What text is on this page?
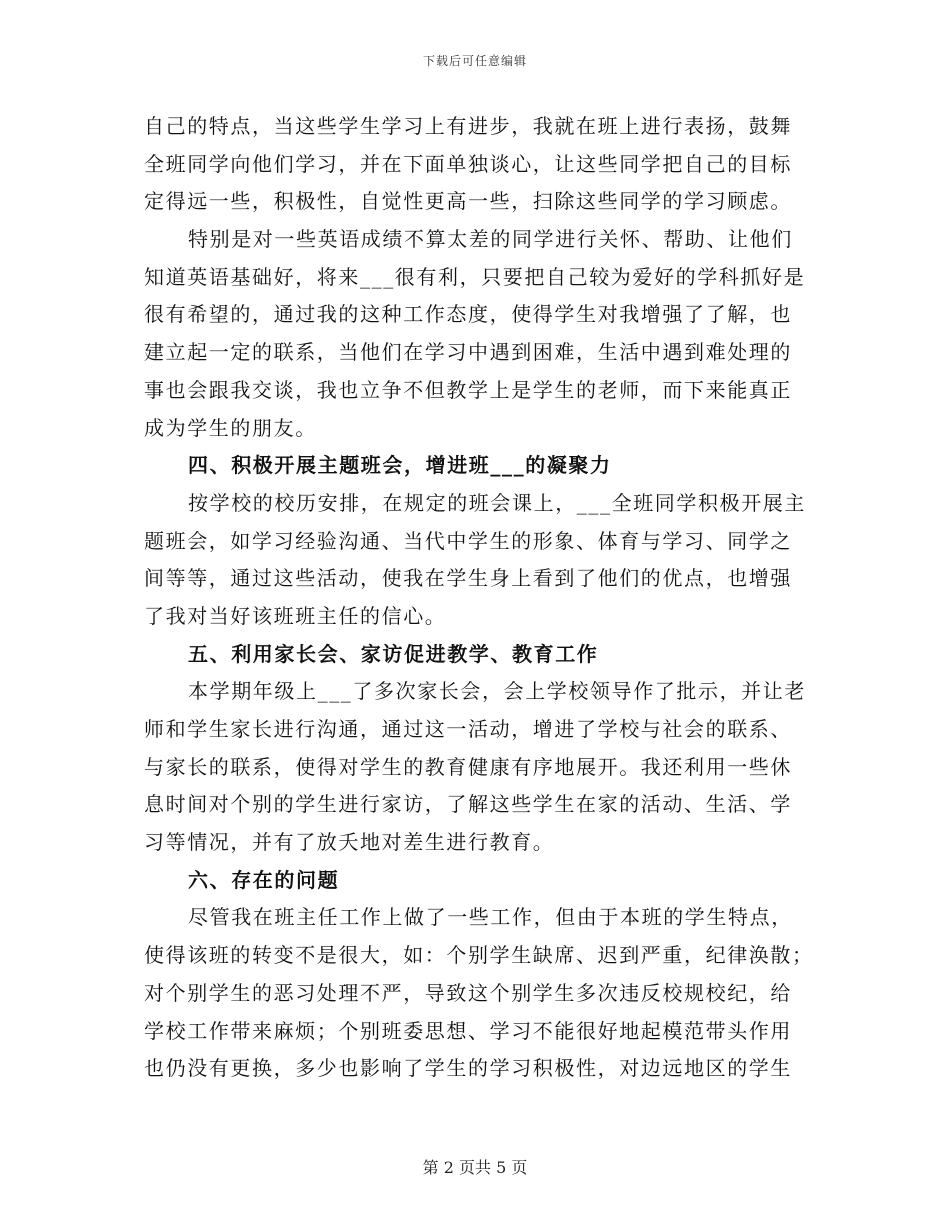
下载后可任意编辑
自己的特点，当这些学生学习上有进步，我就在班上进行表扬，鼓舞
全班同学向他们学习，并在下面单独谈心，让这些同学把自己的目标
定得远一些，积极性，自觉性更高一些，扫除这些同学的学习顾虑。
特别是对一些英语成绩不算太差的同学进行关怀、帮助、让他们
知道英语基础好，将来___很有利，只要把自己较为爱好的学科抓好是
很有希望的，通过我的这种工作态度，使得学生对我增强了了解，也
建立起一定的联系，当他们在学习中遇到困难，生活中遇到难处理的
事也会跟我交谈，我也立争不但教学上是学生的老师，而下来能真正
成为学生的朋友。
四、积极开展主题班会，增进班___的凝聚力
按学校的校历安排，在规定的班会课上，___全班同学积极开展主
题班会，如学习经验沟通、当代中学生的形象、体育与学习、同学之
间等等，通过这些活动，使我在学生身上看到了他们的优点，也增强
了我对当好该班班主任的信心。
五、利用家长会、家访促进教学、教育工作
本学期年级上___了多次家长会，会上学校领导作了批示，并让老
师和学生家长进行沟通，通过这一活动，增进了学校与社会的联系、
与家长的联系，使得对学生的教育健康有序地展开。我还利用一些休
息时间对个别的学生进行家访，了解这些学生在家的活动、生活、学
习等情况，并有了放夭地对差生进行教育。
六、存在的问题
尽管我在班主任工作上做了一些工作，但由于本班的学生特点，
使得该班的转变不是很大，如：个别学生缺席、迟到严重，纪律涣散；
对个别学生的恶习处理不严，导致这个别学生多次违反校规校纪，给
学校工作带来麻烦；个别班委思想、学习不能很好地起模范带头作用
也仍没有更换，多少也影响了学生的学习积极性，对边远地区的学生
第 2 页共 5 页
